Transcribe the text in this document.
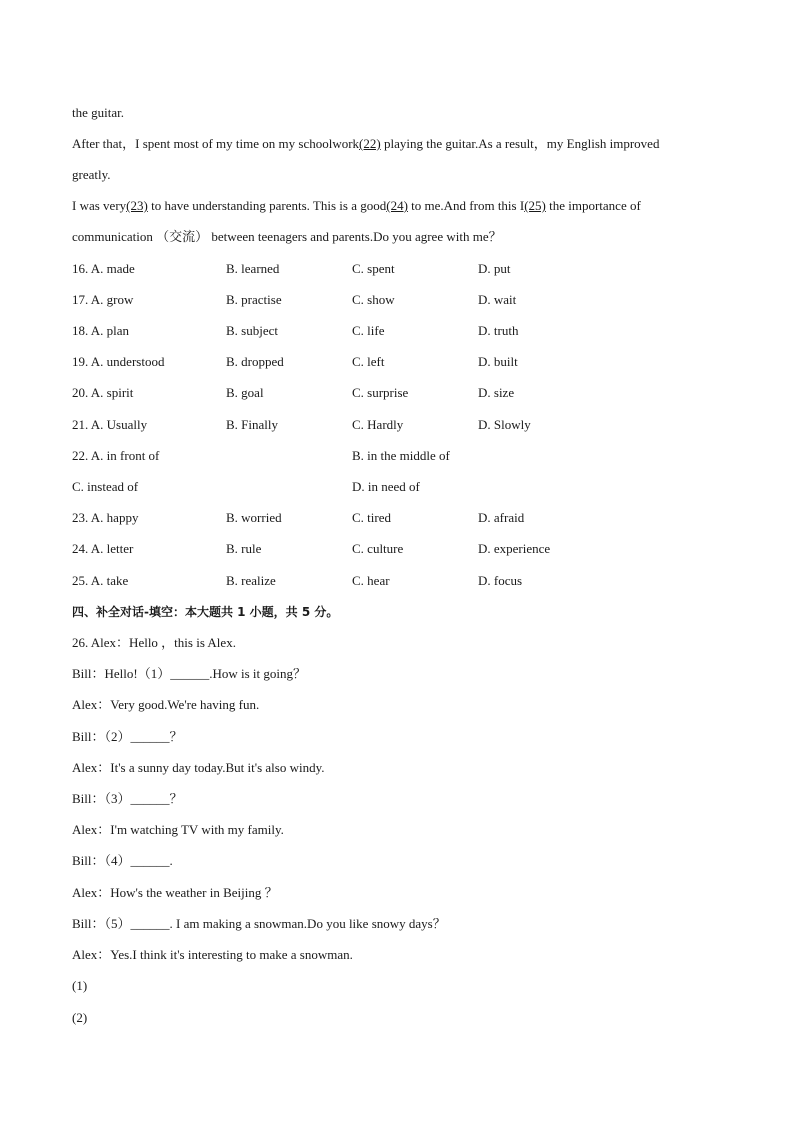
the guitar.
After that，I spent most of my time on my schoolwork(22) playing the guitar.As a result，my English improved
greatly.
I was very(23) to have understanding parents. This is a good(24) to me.And from this I(25) the importance of
communication （交流） between teenagers and parents.Do you agree with me？
16. A. made	B. learned	C. spent	D. put
17. A. grow	B. practise	C. show	D. wait
18. A. plan	B. subject	C. life	D. truth
19. A. understood	B. dropped	C. left	D. built
20. A. spirit	B. goal	C. surprise	D. size
21. A. Usually	B. Finally	C. Hardly	D. Slowly
22. A. in front of	B. in the middle of
C. instead of	D. in need of
23. A. happy	B. worried	C. tired	D. afraid
24. A. letter	B. rule	C. culture	D. experience
25. A. take	B. realize	C. hear	D. focus
四、补全对话-填空：本大题共 1 小题，共 5 分。
26. Alex：Hello ，this is Alex.
Bill：Hello!（1）______.How is it going？
Alex：Very good.We're having fun.
Bill：（2）______？
Alex：It's a sunny day today.But it's also windy.
Bill：（3）______？
Alex：I'm watching TV with my family.
Bill：（4）______.
Alex：How's the weather in Beijing ？
Bill：（5）______. I am making a snowman.Do you like snowy days？
Alex：Yes.I think it's interesting to make a snowman.
(1)
(2)
